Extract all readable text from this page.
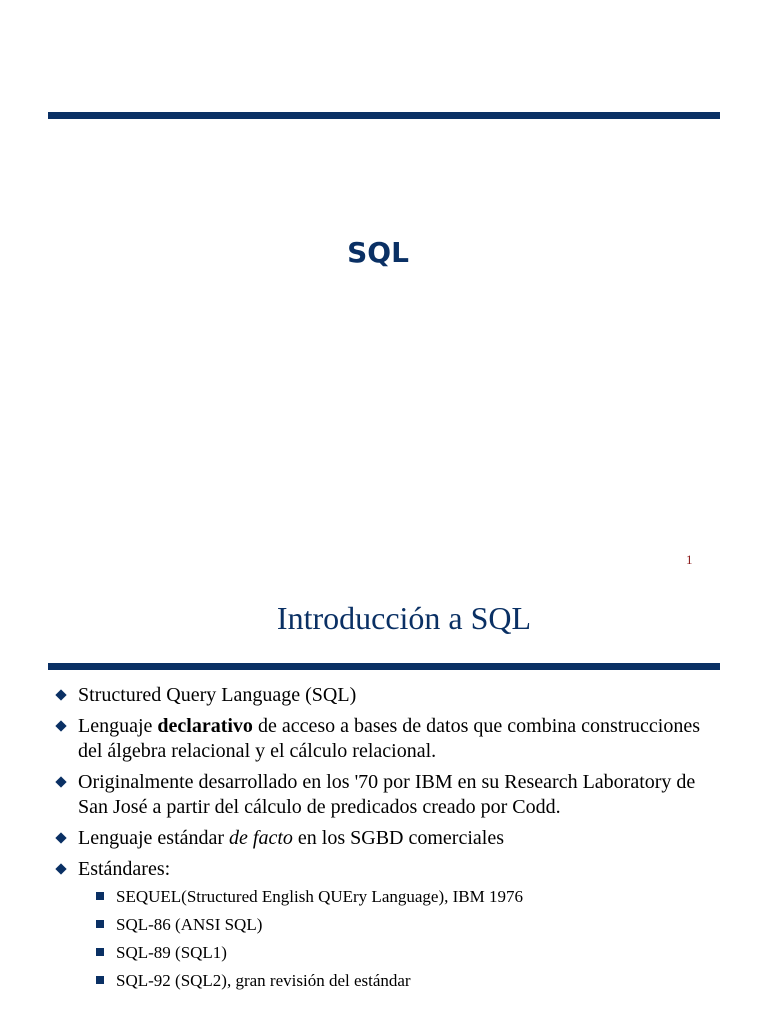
SQL
1
Introducción a SQL
Structured Query Language (SQL)
Lenguaje declarativo de acceso a bases de datos que combina construcciones del álgebra relacional y el cálculo relacional.
Originalmente desarrollado en los '70 por IBM en su Research Laboratory de San José a partir del cálculo de predicados creado por Codd.
Lenguaje estándar de facto en los SGBD comerciales
Estándares:
SEQUEL(Structured English QUEry Language), IBM 1976
SQL-86 (ANSI SQL)
SQL-89 (SQL1)
SQL-92 (SQL2), gran revisión del estándar
